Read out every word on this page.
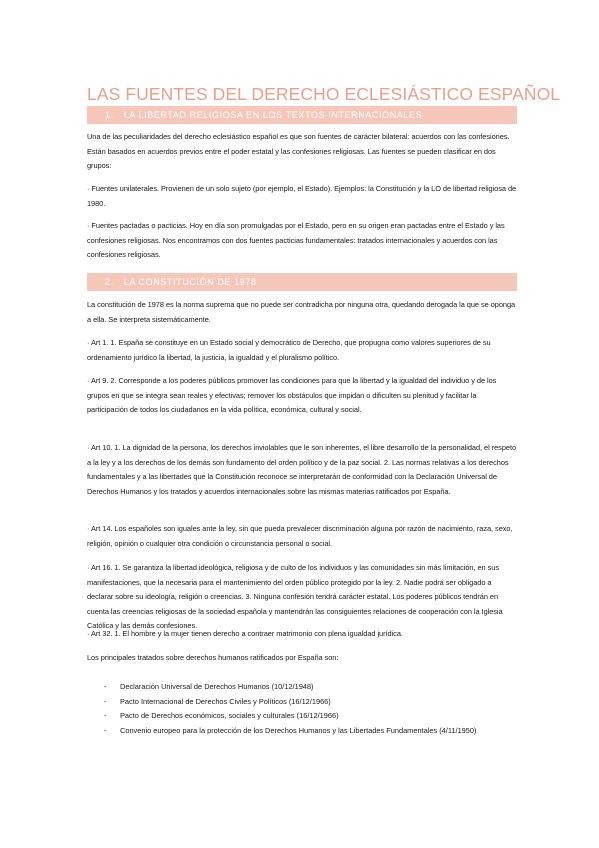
LAS FUENTES DEL DERECHO ECLESIÁSTICO ESPAÑOL
1. LA LIBERTAD RELIGIOSA EN LOS TEXTOS INTERNACIONALES

Una de las peculiaridades del derecho eclesiástico español es que son fuentes de carácter bilateral: acuerdos con las confesiones. Están basados en acuerdos previos entre el poder estatal y las confesiones religiosas. Las fuentes se pueden clasificar en dos grupos:

· Fuentes unilaterales. Provienen de un solo sujeto (por ejemplo, el Estado). Ejemplos: la Constitución y la LO de libertad religiosa de 1980.

· Fuentes pactadas o pacticias. Hoy en día son promulgadas por el Estado, pero en su origen eran pactadas entre el Estado y las confesiones religiosas. Nos encontramos con dos fuentes pacticias fundamentales: tratados internacionales y acuerdos con las confesiones religiosas.

2. LA CONSTITUCIÓN DE 1978

La constitución de 1978 es la norma suprema que no puede ser contradicha por ninguna otra, quedando derogada la que se oponga a ella. Se interpreta sistemáticamente.

· Art 1. 1. España se constituye en un Estado social y democrático de Derecho, que propugna como valores superiores de su ordenamiento jurídico la libertad, la justicia, la igualdad y el pluralismo político.

· Art 9. 2. Corresponde a los poderes públicos promover las condiciones para que la libertad y la igualdad del individuo y de los grupos en que se integra sean reales y efectivas; remover los obstáculos que impidan o dificulten su plenitud y facilitar la participación de todos los ciudadanos en la vida política, económica, cultural y social.

· Art 10. 1. La dignidad de la persona, los derechos inviolables que le son inherentes, el libre desarrollo de la personalidad, el respeto a la ley y a los derechos de los demás son fundamento del orden político y de la paz social. 2. Las normas relativas a los derechos fundamentales y a las libertades que la Constitución reconoce se interpretarán de conformidad con la Declaración Universal de Derechos Humanos y los tratados y acuerdos internacionales sobre las mismas materias ratificados por España.

· Art 14. Los españoles son iguales ante la ley, sin que pueda prevalecer discriminación alguna por razón de nacimiento, raza, sexo, religión, opinión o cualquier otra condición o circunstancia personal o social.

· Art 16. 1. Se garantiza la libertad ideológica, religiosa y de culto de los individuos y las comunidades sin más limitación, en sus manifestaciones, que la necesaria para el mantenimiento del orden público protegido por la ley. 2. Nadie podrá ser obligado a declarar sobre su ideología, religión o creencias. 3. Ninguna confesión tendrá carácter estatal. Los poderes públicos tendrán en cuenta las creencias religiosas de la sociedad española y mantendrán las consiguientes relaciones de cooperación con la Iglesia Católica y las demás confesiones.

· Art 32. 1. El hombre y la mujer tienen derecho a contraer matrimonio con plena igualdad jurídica.

Los principales tratados sobre derechos humanos ratificados por España son:

- Declaración Universal de Derechos Humanos (10/12/1948)
- Pacto Internacional de Derechos Civiles y Políticos (16/12/1966)
- Pacto de Derechos económicos, sociales y culturales (16/12/1966)
- Convenio europeo para la protección de los Derechos Humanos y las Libertades Fundamentales (4/11/1950)
